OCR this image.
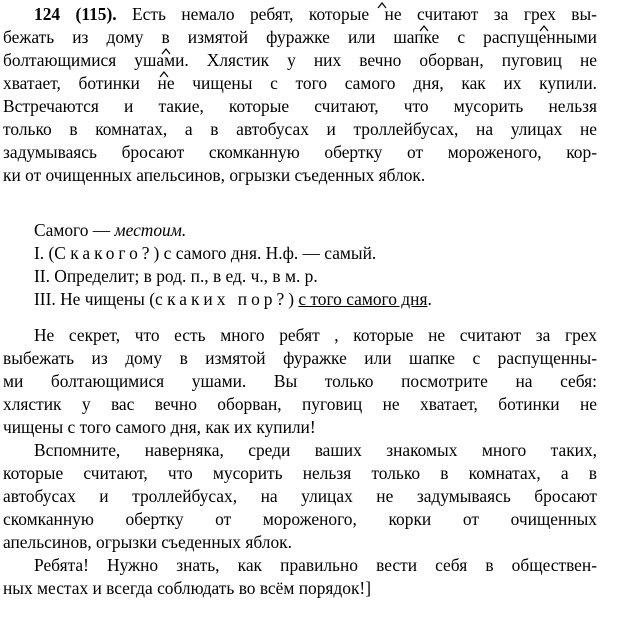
124 (115). Есть немало ребят, которые не считают за грех вы-
бежать из дому в измятой фуражке или шапке с распущенными
болтающимися ушами. Хлястик у них вечно оборван, пуговиц не
хватает, ботинки не чищены с того самого дня, как их купили.
Встречаются и такие, которые считают, что мусорить нельзя
только в комнатах, а в автобусах и троллейбусах, на улицах не
задумываясь бросают скомканную обертку от мороженого, кор-
ки от очищенных апельсинов, огрызки съеденных яблок.
Самого — местоим.
I. (С какого?) с самого дня. Н.ф. — самый.
II. Определит; в род. п., в ед. ч., в м. р.
III. Не чищены (с каких пор?) с того самого дня.
Не секрет, что есть много ребят , которые не считают за грех
выбежать из дому в измятой фуражке или шапке с распущенны-
ми болтающимися ушами. Вы только посмотрите на себя:
хлястик у вас вечно оборван, пуговиц не хватает, ботинки не
чищены с того самого дня, как их купили!
Вспомните, наверняка, среди ваших знакомых много таких,
которые считают, что мусорить нельзя только в комнатах, а в
автобусах и троллейбусах, на улицах не задумываясь бросают
скомканную обертку от мороженого, корки от очищенных
апельсинов, огрызки съеденных яблок.
Ребята! Нужно знать, как правильно вести себя в обществен-
ных местах и всегда соблюдать во всём порядок!]
